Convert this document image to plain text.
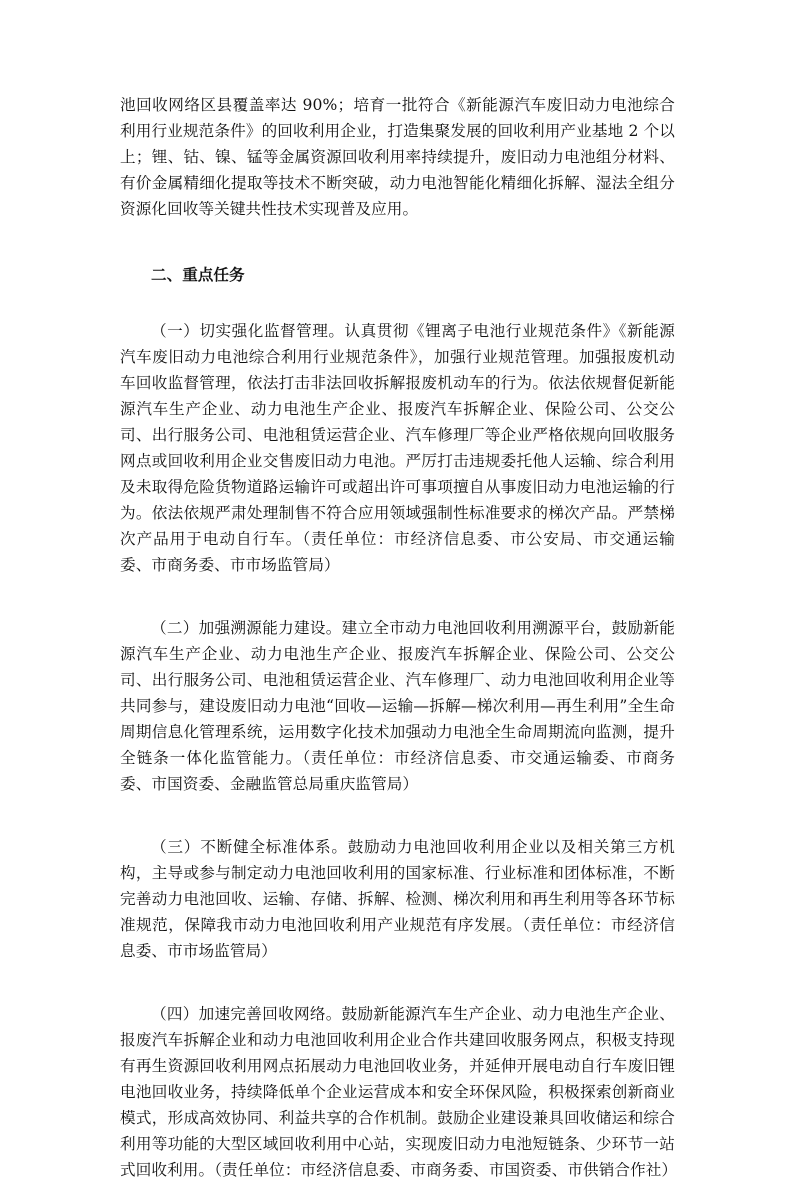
池回收网络区县覆盖率达 90%；培育一批符合《新能源汽车废旧动力电池综合利用行业规范条件》的回收利用企业，打造集聚发展的回收利用产业基地 2 个以上；锂、钴、镍、锰等金属资源回收利用率持续提升，废旧动力电池组分材料、有价金属精细化提取等技术不断突破，动力电池智能化精细化拆解、湿法全组分资源化回收等关键共性技术实现普及应用。

二、重点任务

（一）切实强化监督管理。认真贯彻《锂离子电池行业规范条件》《新能源汽车废旧动力电池综合利用行业规范条件》，加强行业规范管理。加强报废机动车回收监督管理，依法打击非法回收拆解报废机动车的行为。依法依规督促新能源汽车生产企业、动力电池生产企业、报废汽车拆解企业、保险公司、公交公司、出行服务公司、电池租赁运营企业、汽车修理厂等企业严格依规向回收服务网点或回收利用企业交售废旧动力电池。严厉打击违规委托他人运输、综合利用及未取得危险货物道路运输许可或超出许可事项擅自从事废旧动力电池运输的行为。依法依规严肃处理制售不符合应用领域强制性标准要求的梯次产品。严禁梯次产品用于电动自行车。（责任单位：市经济信息委、市公安局、市交通运输委、市商务委、市市场监管局）

（二）加强溯源能力建设。建立全市动力电池回收利用溯源平台，鼓励新能源汽车生产企业、动力电池生产企业、报废汽车拆解企业、保险公司、公交公司、出行服务公司、电池租赁运营企业、汽车修理厂、动力电池回收利用企业等共同参与，建设废旧动力电池“回收—运输—拆解—梯次利用—再生利用”全生命周期信息化管理系统，运用数字化技术加强动力电池全生命周期流向监测，提升全链条一体化监管能力。（责任单位：市经济信息委、市交通运输委、市商务委、市国资委、金融监管总局重庆监管局）

（三）不断健全标准体系。鼓励动力电池回收利用企业以及相关第三方机构，主导或参与制定动力电池回收利用的国家标准、行业标准和团体标准，不断完善动力电池回收、运输、存储、拆解、检测、梯次利用和再生利用等各环节标准规范，保障我市动力电池回收利用产业规范有序发展。（责任单位：市经济信息委、市市场监管局）

（四）加速完善回收网络。鼓励新能源汽车生产企业、动力电池生产企业、报废汽车拆解企业和动力电池回收利用企业合作共建回收服务网点，积极支持现有再生资源回收利用网点拓展动力电池回收业务，并延伸开展电动自行车废旧锂电池回收业务，持续降低单个企业运营成本和安全环保风险，积极探索创新商业模式，形成高效协同、利益共享的合作机制。鼓励企业建设兼具回收储运和综合利用等功能的大型区域回收利用中心站，实现废旧动力电池短链条、少环节一站式回收利用。（责任单位：市经济信息委、市商务委、市国资委、市供销合作社）
